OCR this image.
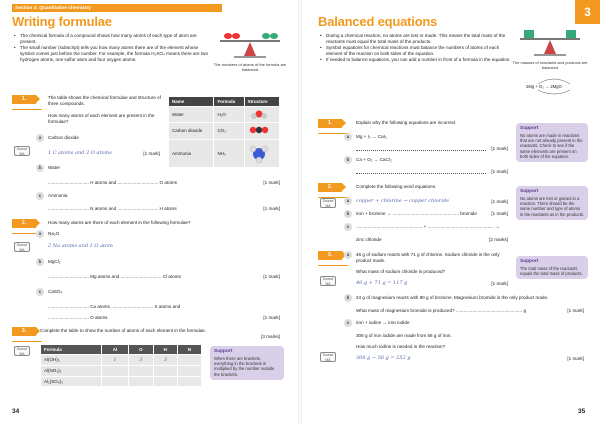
Section 3: Quantitative chemistry
Writing formulae
• The chemical formula of a compound shows how many atoms of each type of atom are present.
• The small number (subscript) tells you how many atoms there are of the element whose symbol comes just before the number. For example, the formula H₂SO₄ means there are two hydrogen atoms, one sulfur atom and four oxygen atoms.
The numbers of atoms of the formula are balanced
1.	The table shows the chemical formulae and structure of three compounds.
How many atoms of each element are present in the formulae?
Name	Formula	Structure
Water	H₂O	
Carbon dioxide	CO₂	
Ammonia	NH₃	
a	Carbon dioxide
Source MA	1 C atoms and 2 O atoms	[1 mark]
b	Water
................................ H atoms and ................................ O atoms	[1 mark]
c	Ammonia
................................ N atoms and ................................ H atoms	[1 mark]
2.	How many atoms are there of each element in the following formulae?
a	Na₂O
Source MA
2 Na atoms and 1 O atom
b	MgCl₂
................................ Mg atoms and ................................ Cl atoms	[1 mark]
c	CaSO₄
................................ Ca atoms, ................................ S atoms and
................................ O atoms	[1 mark]
3.	Complete the table to show the number of atoms of each element in the formulae.
[3 marks]
Source MA
Formula	Al	O	H	N
Al(OH)₃	1	3	3	
Al(NO₃)₃				
Al₂(SO₄)₃				
Support
When there are brackets, everything in the brackets is multiplied by the number outside the brackets.
34
3
Balanced equations
• During a chemical reaction, no atoms are lost or made. This means the total mass of the reactants must equal the total mass of the products.
• Symbol equations for chemical reactions must balance the numbers of atoms of each element of the reaction on both sides of the equation.
• If needed to balance equations, you can add a number in front of a formula in the equation.
The masses of reactants and products are balanced
2Mg + O₂ → 2MgO
1.	Explain why the following equations are incorrect.
a	Mg + I₂ → CaI₂
[1 mark]
b	Ca + O₂ → CaCl₂
[1 mark]
Support
No atoms are made in reactions that are not already present in the reactants. Check to see if the same elements are present on both sides of the equation.
2.	Complete the following word equations.
Source MA
a	copper + chlorine → copper chloride	[1 mark]
b	iron + bromine → .................................................... bromide	[1 mark]
c	.................................................... + .................................................... →
zinc chloride	[2 marks]
Support
No atoms are lost or gained in a reaction. There should be the same number and type of atoms in the reactants as in the products.
3.
Source MA
a	46 g of sodium reacts with 71 g of chlorine. Sodium chloride is the only product made.
What mass of sodium chloride is produced?
46 g + 71 g = 117 g	[1 mark]
b	24 g of magnesium reacts with 80 g of bromine. Magnesium bromide is the only product made.
What mass of magnesium bromide is produced? .................................................... g	[1 mark]
c	iron + iodine → iron iodide
308 g of iron iodide are made from 56 g of iron.
How much iodine is needed in the reaction?
Source MA	308 g − 56 g = 252 g	[1 mark]
Support
The total mass of the reactants equals the total mass of products.
35
